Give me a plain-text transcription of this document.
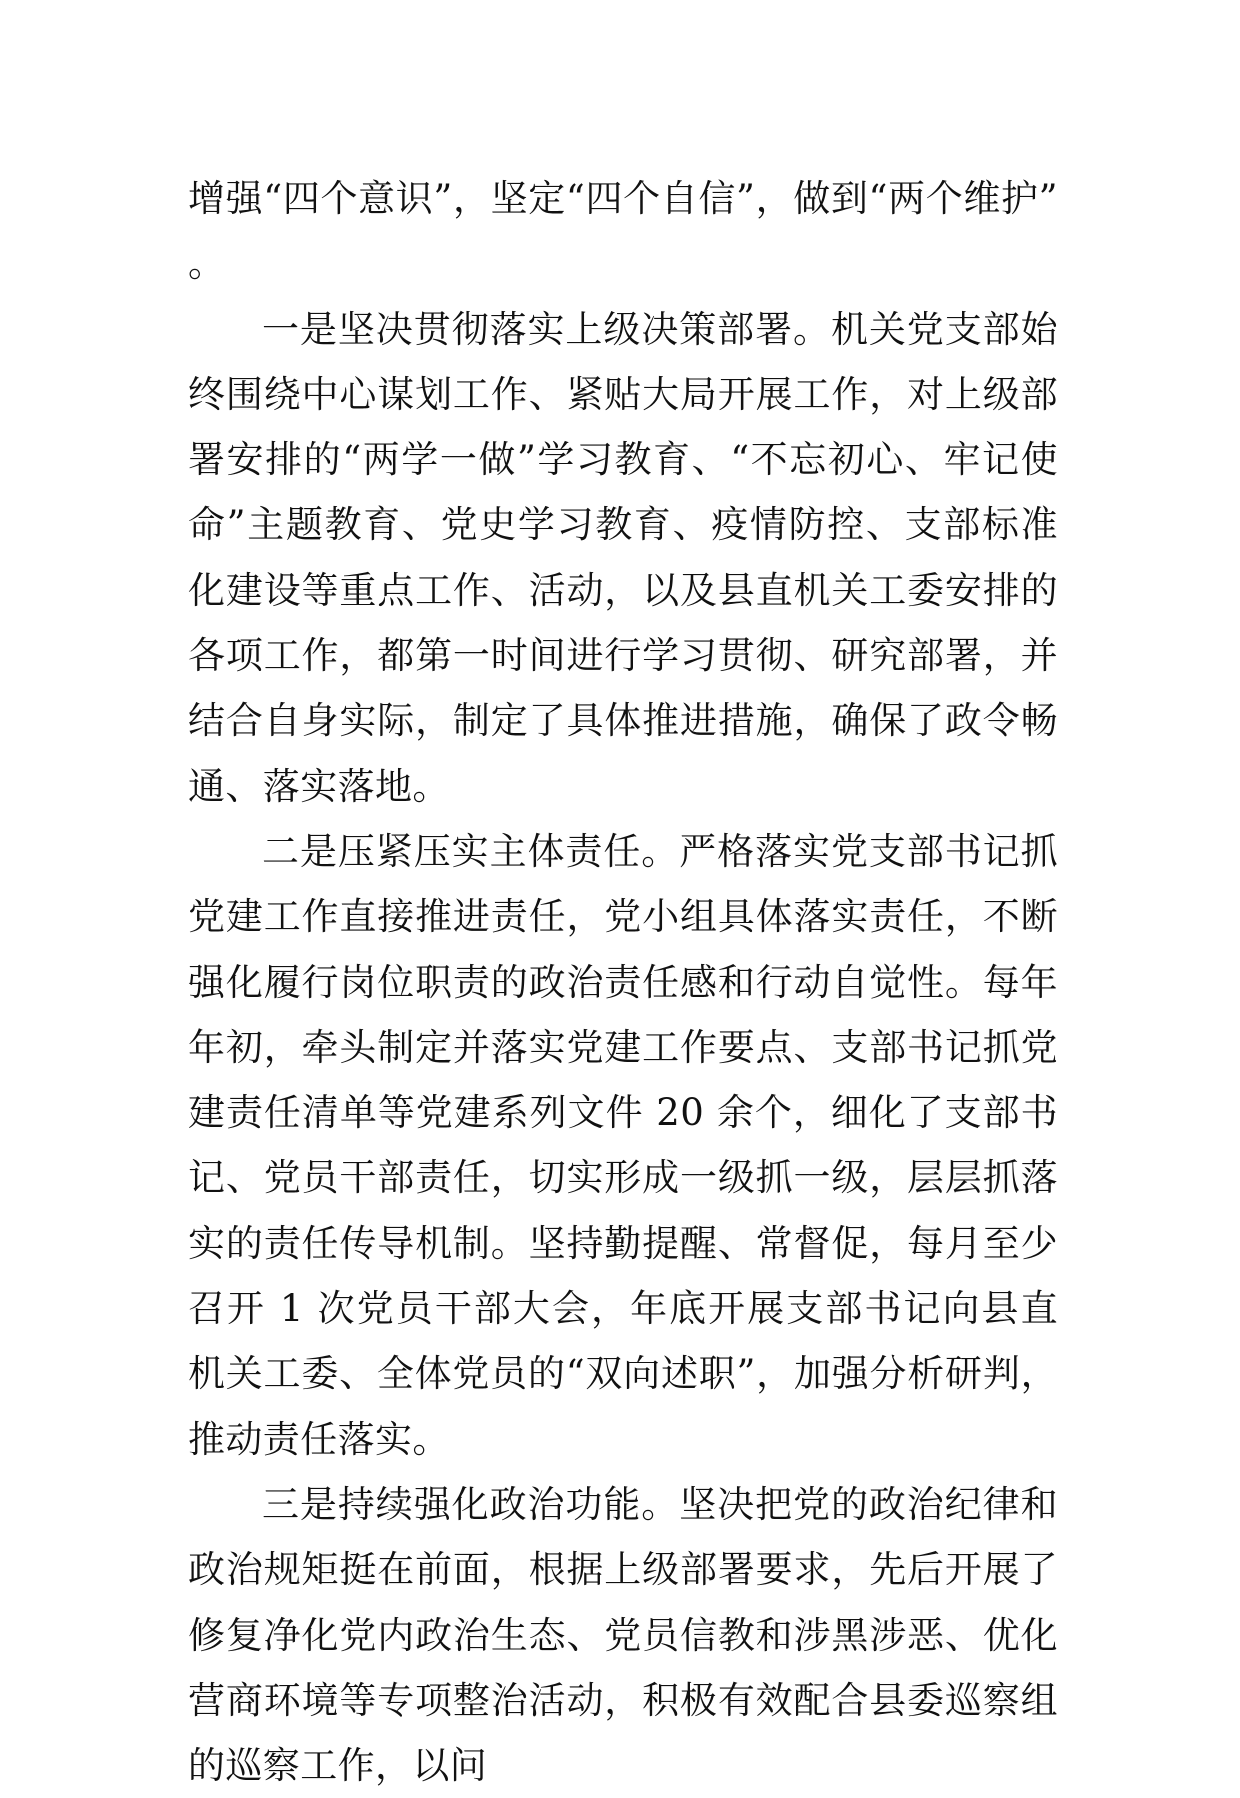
增强“四个意识”，坚定“四个自信”，做到“两个维护”。

一是坚决贯彻落实上级决策部署。机关党支部始终围绕中心谋划工作、紧贴大局开展工作，对上级部署安排的“两学一做”学习教育、“不忘初心、牢记使命”主题教育、党史学习教育、疫情防控、支部标准化建设等重点工作、活动，以及县直机关工委安排的各项工作，都第一时间进行学习贯彻、研究部署，并结合自身实际，制定了具体推进措施，确保了政令畅通、落实落地。

二是压紧压实主体责任。严格落实党支部书记抓党建工作直接推进责任，党小组具体落实责任，不断强化履行岗位职责的政治责任感和行动自觉性。每年年初，牵头制定并落实党建工作要点、支部书记抓党建责任清单等党建系列文件 20 余个，细化了支部书记、党员干部责任，切实形成一级抓一级，层层抓落实的责任传导机制。坚持勤提醒、常督促，每月至少召开 1 次党员干部大会，年底开展支部书记向县直机关工委、全体党员的“双向述职”，加强分析研判，推动责任落实。

三是持续强化政治功能。坚决把党的政治纪律和政治规矩挺在前面，根据上级部署要求，先后开展了修复净化党内政治生态、党员信教和涉黑涉恶、优化营商环境等专项整治活动，积极有效配合县委巡察组的巡察工作，以问
